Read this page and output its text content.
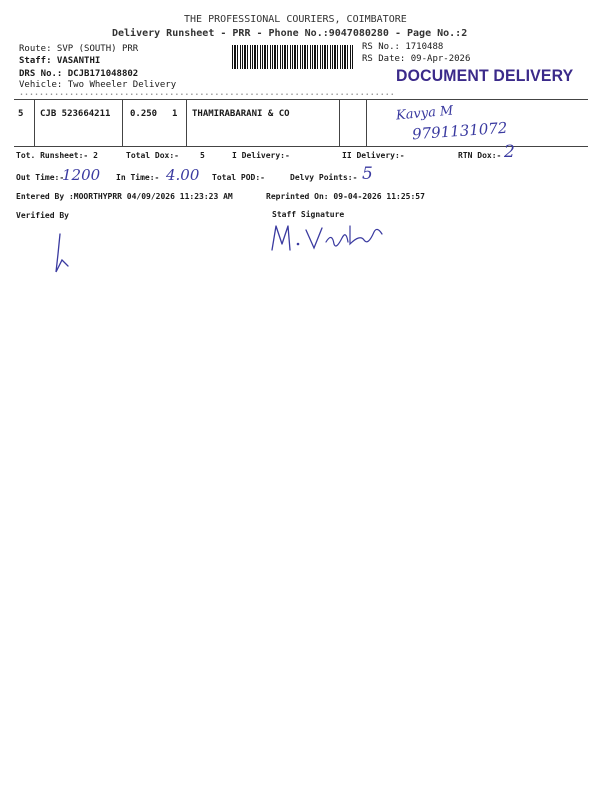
THE PROFESSIONAL COURIERS, COIMBATORE
Delivery Runsheet - PRR - Phone No.:9047080280 - Page No.:2
Route: SVP (SOUTH) PRR
Staff: VASANTHI
DRS No.: DCJB171048802
Vehicle: Two Wheeler Delivery
RS No.: 1710488
RS Date: 09-Apr-2026
DOCUMENT DELIVERY
•••••••••••••••••••••••••••••••••••••••••••••••••••••••••••••••••••••••••••
5 CJB 523664211 0.250 1 THAMIRABARANI & CO	Kavya M
9791131072
Tot. Runsheet:- 2	Total Dox:-	5	I Delivery:-	II Delivery:-	RTN Dox:- 2
Out Time:-
1200 In Time:- 4.00 Total POD:-	Delvy Points:- 5
Entered By :MOORTHYPRR 04/09/2026 11:23:23 AM	Reprinted On: 09-04-2026 11:25:57
Verified By	Staff Signature
